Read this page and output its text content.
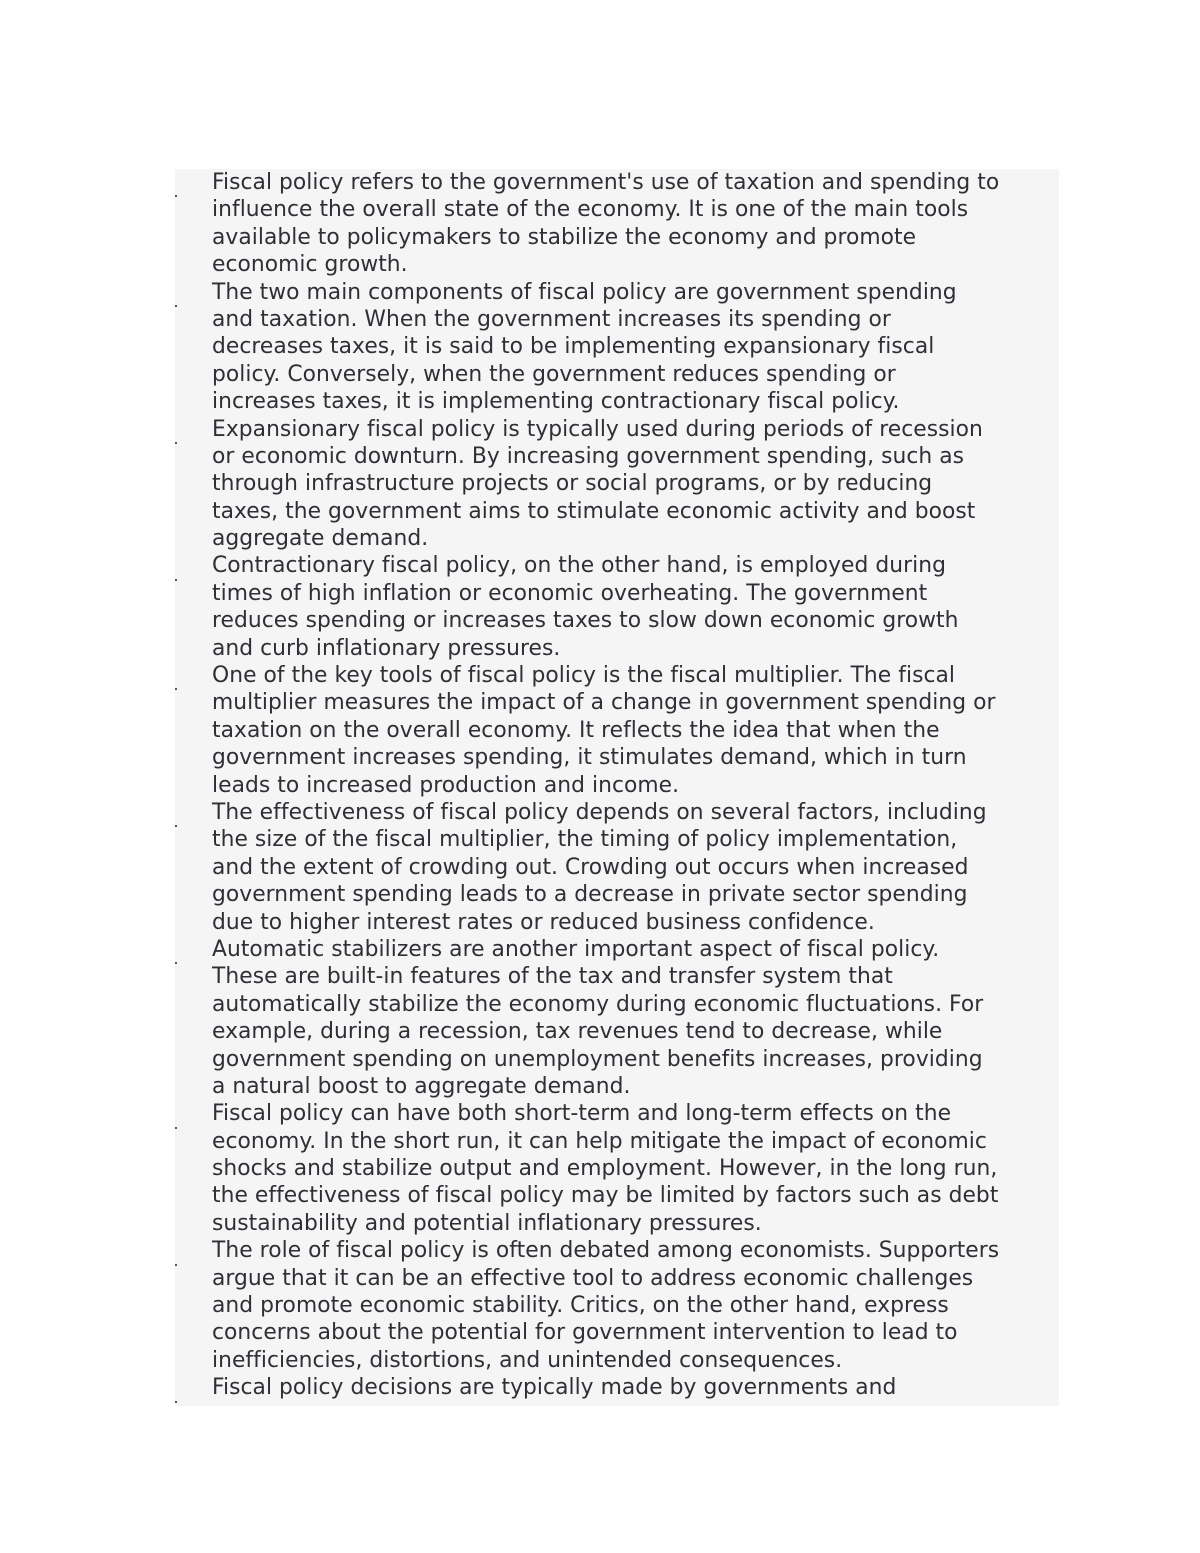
Fiscal policy refers to the government's use of taxation and spending to
influence the overall state of the economy. It is one of the main tools
available to policymakers to stabilize the economy and promote
economic growth.
The two main components of fiscal policy are government spending
and taxation. When the government increases its spending or
decreases taxes, it is said to be implementing expansionary fiscal
policy. Conversely, when the government reduces spending or
increases taxes, it is implementing contractionary fiscal policy.
Expansionary fiscal policy is typically used during periods of recession
or economic downturn. By increasing government spending, such as
through infrastructure projects or social programs, or by reducing
taxes, the government aims to stimulate economic activity and boost
aggregate demand.
Contractionary fiscal policy, on the other hand, is employed during
times of high inflation or economic overheating. The government
reduces spending or increases taxes to slow down economic growth
and curb inflationary pressures.
One of the key tools of fiscal policy is the fiscal multiplier. The fiscal
multiplier measures the impact of a change in government spending or
taxation on the overall economy. It reflects the idea that when the
government increases spending, it stimulates demand, which in turn
leads to increased production and income.
The effectiveness of fiscal policy depends on several factors, including
the size of the fiscal multiplier, the timing of policy implementation,
and the extent of crowding out. Crowding out occurs when increased
government spending leads to a decrease in private sector spending
due to higher interest rates or reduced business confidence.
Automatic stabilizers are another important aspect of fiscal policy.
These are built-in features of the tax and transfer system that
automatically stabilize the economy during economic fluctuations. For
example, during a recession, tax revenues tend to decrease, while
government spending on unemployment benefits increases, providing
a natural boost to aggregate demand.
Fiscal policy can have both short-term and long-term effects on the
economy. In the short run, it can help mitigate the impact of economic
shocks and stabilize output and employment. However, in the long run,
the effectiveness of fiscal policy may be limited by factors such as debt
sustainability and potential inflationary pressures.
The role of fiscal policy is often debated among economists. Supporters
argue that it can be an effective tool to address economic challenges
and promote economic stability. Critics, on the other hand, express
concerns about the potential for government intervention to lead to
inefficiencies, distortions, and unintended consequences.
Fiscal policy decisions are typically made by governments and
